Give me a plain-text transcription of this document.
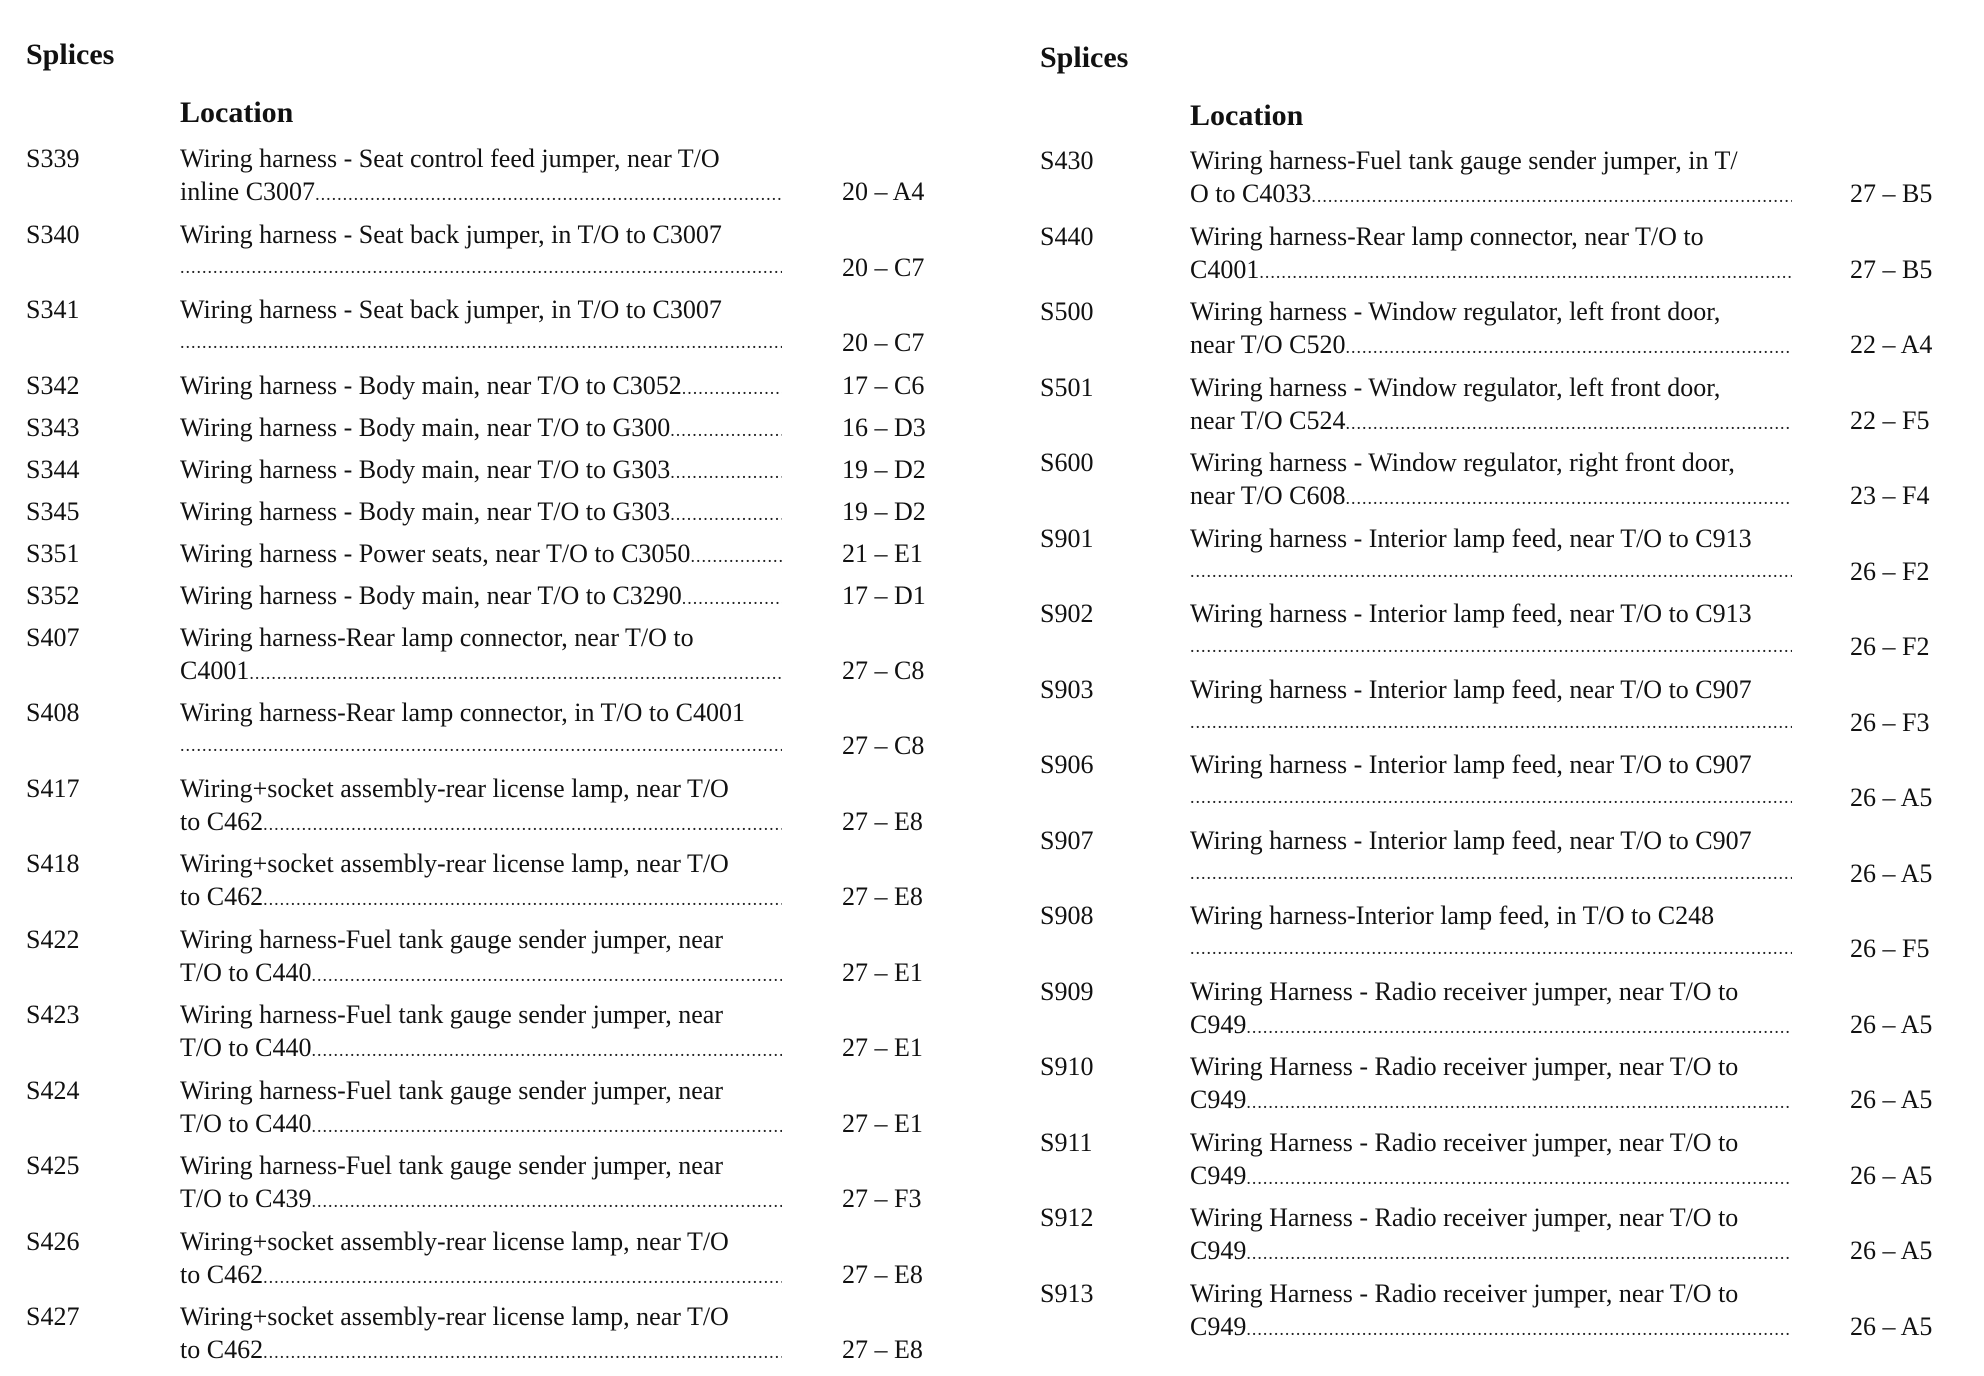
Splices
Location
S339	Wiring harness - Seat control feed jumper, near T/O
inline C3007 .....	20 – A4
S340	Wiring harness - Seat back jumper, in T/O to C3007
.....
20 – C7
S341	Wiring harness - Seat back jumper, in T/O to C3007
.....
20 – C7
S342	Wiring harness - Body main, near T/O to C3052 .....	17 – C6
S343	Wiring harness - Body main, near T/O to G300 .....	16 – D3
S344	Wiring harness - Body main, near T/O to G303 .....	19 – D2
S345	Wiring harness - Body main, near T/O to G303 .....	19 – D2
S351	Wiring harness - Power seats, near T/O to C3050 .....	21 – E1
S352	Wiring harness - Body main, near T/O to C3290 .....	17 – D1
S407	Wiring harness-Rear lamp connector, near T/O to
C4001 .....	27 – C8
S408	Wiring harness-Rear lamp connector, in T/O to C4001
.....
27 – C8
S417	Wiring+socket assembly-rear license lamp, near T/O
to C462 .....	27 – E8
S418	Wiring+socket assembly-rear license lamp, near T/O
to C462 .....	27 – E8
S422	Wiring harness-Fuel tank gauge sender jumper, near
T/O to C440 .....	27 – E1
S423	Wiring harness-Fuel tank gauge sender jumper, near
T/O to C440 .....	27 – E1
S424	Wiring harness-Fuel tank gauge sender jumper, near
T/O to C440 .....	27 – E1
S425	Wiring harness-Fuel tank gauge sender jumper, near
T/O to C439 .....	27 – F3
S426	Wiring+socket assembly-rear license lamp, near T/O
to C462 .....	27 – E8
S427	Wiring+socket assembly-rear license lamp, near T/O
to C462 .....	27 – E8
Splices
Location
S430	Wiring harness-Fuel tank gauge sender jumper, in T/
O to C4033 .....	27 – B5
S440	Wiring harness-Rear lamp connector, near T/O to
C4001 .....	27 – B5
S500	Wiring harness - Window regulator, left front door,
near T/O C520 .....	22 – A4
S501	Wiring harness - Window regulator, left front door,
near T/O C524 .....	22 – F5
S600	Wiring harness - Window regulator, right front door,
near T/O C608 .....	23 – F4
S901	Wiring harness - Interior lamp feed, near T/O to C913
.....
26 – F2
S902	Wiring harness - Interior lamp feed, near T/O to C913
.....
26 – F2
S903	Wiring harness - Interior lamp feed, near T/O to C907
.....
26 – F3
S906	Wiring harness - Interior lamp feed, near T/O to C907
.....
26 – A5
S907	Wiring harness - Interior lamp feed, near T/O to C907
.....
26 – A5
S908	Wiring harness-Interior lamp feed, in T/O to C248
.....
26 – F5
S909	Wiring Harness - Radio receiver jumper, near T/O to
C949 .....	26 – A5
S910	Wiring Harness - Radio receiver jumper, near T/O to
C949 .....	26 – A5
S911	Wiring Harness - Radio receiver jumper, near T/O to
C949 .....	26 – A5
S912	Wiring Harness - Radio receiver jumper, near T/O to
C949 .....	26 – A5
S913	Wiring Harness - Radio receiver jumper, near T/O to
C949 .....	26 – A5
